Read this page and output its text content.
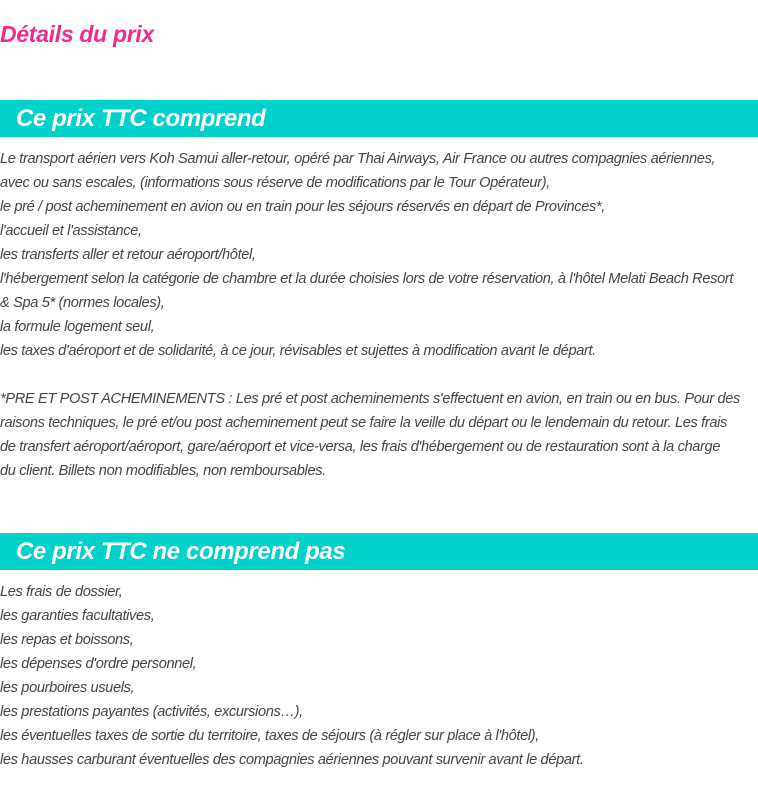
Détails du prix
Ce prix TTC comprend
Le transport aérien vers Koh Samui aller-retour, opéré par Thai Airways, Air France ou autres compagnies aériennes,
avec ou sans escales, (informations sous réserve de modifications par le Tour Opérateur),
le pré / post acheminement en avion ou en train pour les séjours réservés en départ de Provinces*,
l'accueil et l'assistance,
les transferts aller et retour aéroport/hôtel,
l'hébergement selon la catégorie de chambre et la durée choisies lors de votre réservation, à l'hôtel Melati Beach Resort
& Spa 5* (normes locales),
la formule logement seul,
les taxes d'aéroport et de solidarité, à ce jour, révisables et sujettes à modification avant le départ.
*PRE ET POST ACHEMINEMENTS : Les pré et post acheminements s'effectuent en avion, en train ou en bus. Pour des
raisons techniques, le pré et/ou post acheminement peut se faire la veille du départ ou le lendemain du retour. Les frais
de transfert aéroport/aéroport, gare/aéroport et vice-versa, les frais d'hébergement ou de restauration sont à la charge
du client. Billets non modifiables, non remboursables.
Ce prix TTC ne comprend pas
Les frais de dossier,
les garanties facultatives,
les repas et boissons,
les dépenses d'ordre personnel,
les pourboires usuels,
les prestations payantes (activités, excursions…),
les éventuelles taxes de sortie du territoire, taxes de séjours (à régler sur place à l'hôtel),
les hausses carburant éventuelles des compagnies aériennes pouvant survenir avant le départ.
